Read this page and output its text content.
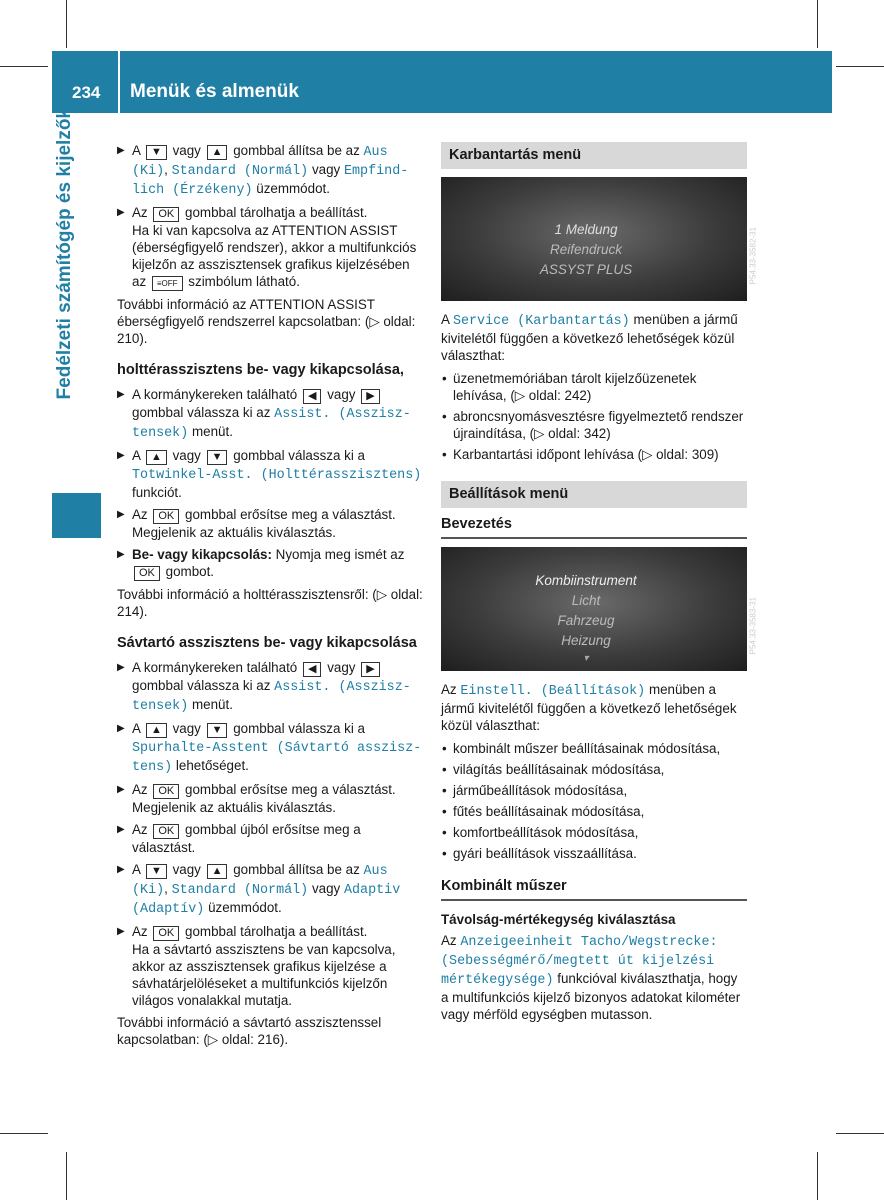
234 Menük és almenük
Fedélzeti számítógép és kijelzők
▶	A ▼ vagy ▲ gombbal állítsa be az Aus (Ki), Standard (Normál) vagy Empfind- lich (Érzékeny) üzemmódot.
▶ Az OK gombbal tárolhatja a beállítást.
Ha ki van kapcsolva az ATTENTION ASSIST (éberségfigyelő rendszer), akkor a multifunkciós kijelzőn az asszisztensek grafikus kijelzésében az ≡OFF szimbólum látható.

További információ az ATTENTION ASSIST éberségfigyelő rendszerrel kapcsolatban: (▷ oldal: 210).

holttérasszisztens be- vagy kikapcsolása,
▶ A kormánykereken található ◀ vagy ▶ gombbal válassza ki az Assist. (Asszisz- tensek) menüt.
▶ A ▲ vagy ▼ gombbal válassza ki a Totwinkel-Asst. (Holttérasszisztens) funkciót.
▶ Az OK gombbal erősítse meg a választást.
Megjelenik az aktuális kiválasztás.
▶ Be- vagy kikapcsolás: Nyomja meg ismét az
OK gombot.

További információ a holttérasszisztensről: (▷ oldal: 214).

Sávtartó asszisztens be- vagy kikapcsolása
▶ A kormánykereken található ◀ vagy ▶ gombbal válassza ki az Assist. (Asszisz- tensek) menüt.
▶ A ▲ vagy ▼ gombbal válassza ki a Spurhalte-Asstent (Sávtartó asszisz- tens) lehetőséget.
▶ Az OK gombbal erősítse meg a választást.
Megjelenik az aktuális kiválasztás.
▶ Az OK gombbal újból erősítse meg a választást.
▶ A ▼ vagy ▲ gombbal állítsa be az Aus (Ki), Standard (Normál) vagy Adaptiv (Adaptív) üzemmódot.
▶ Az OK gombbal tárolhatja a beállítást.
Ha a sávtartó asszisztens be van kapcsolva, akkor az asszisztensek grafikus kijelzése a sávhatárjelöléseket a multifunkciós kijelzőn világos vonalakkal mutatja.

További információ a sávtartó asszisztenssel kapcsolatban: (▷ oldal: 216).

Karbantartás menü
1 Meldung
Reifendruck
ASSYST PLUS	P54.33-3582-31

A Service (Karbantartás) menüben a jármű kivitelétől függően a következő lehetőségek közül választhat:

• üzenetmemóriában tárolt kijelzőüzenetek lehívása, (▷ oldal: 242)
• abroncsnyomásvesztésre figyelmeztető rendszer újraindítása, (▷ oldal: 342)
• Karbantartási időpont lehívása (▷ oldal: 309)
Beállítások menü
Bevezetés
Kombiinstrument
Licht
Fahrzeug
Heizung
▾
P54.33-3583-31

Az Einstell. (Beállítások) menüben a jármű kivitelétől függően a következő lehetőségek közül választhat:

• kombinált műszer beállításainak módosítása,
• világítás beállításainak módosítása,
• járműbeállítások módosítása,
• fűtés beállításainak módosítása,
• komfortbeállítások módosítása,
• gyári beállítások visszaállítása.
Kombinált műszer
Távolság-mértékegység kiválasztása

Az Anzeigeeinheit Tacho/Wegstrecke: (Sebességmérő/megtett út kijelzési mértékegysége) funkcióval kiválaszthatja, hogy a multifunkciós kijelző bizonyos adatokat kilométer vagy mérföld egységben mutasson.
